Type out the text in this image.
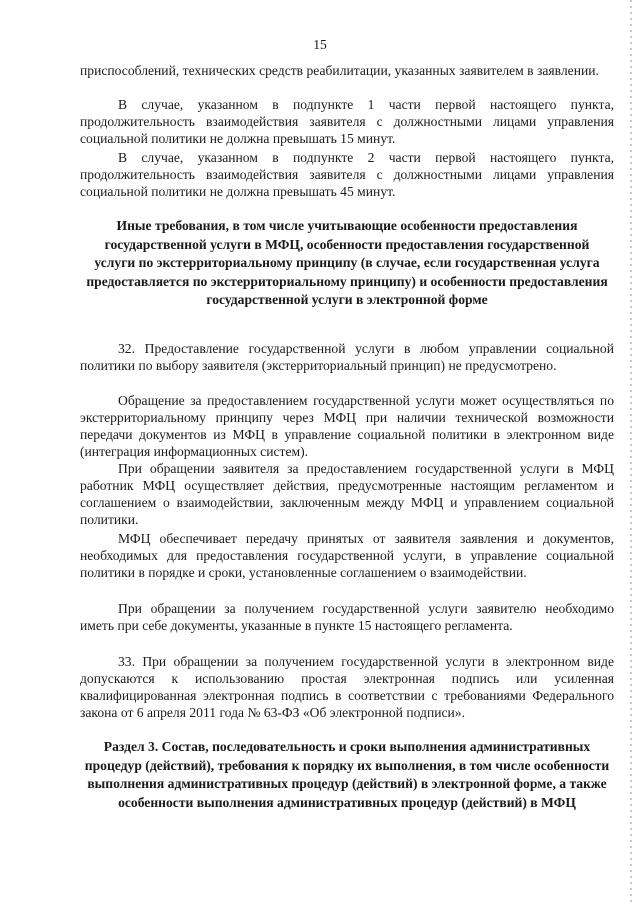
15

приспособлений, технических средств реабилитации, указанных заявителем в заявлении.

В случае, указанном в подпункте 1 части первой настоящего пункта, продолжительность взаимодействия заявителя с должностными лицами управления социальной политики не должна превышать 15 минут.

В случае, указанном в подпункте 2 части первой настоящего пункта, продолжительность взаимодействия заявителя с должностными лицами управления социальной политики не должна превышать 45 минут.

Иные требования, в том числе учитывающие особенности предоставления государственной услуги в МФЦ, особенности предоставления государственной услуги по экстерриториальному принципу (в случае, если государственная услуга предоставляется по экстерриториальному принципу) и особенности предоставления государственной услуги в электронной форме

32. Предоставление государственной услуги в любом управлении социальной политики по выбору заявителя (экстерриториальный принцип) не предусмотрено.

Обращение за предоставлением государственной услуги может осуществляться по экстерриториальному принципу через МФЦ при наличии технической возможности передачи документов из МФЦ в управление социальной политики в электронном виде (интеграция информационных систем).

При обращении заявителя за предоставлением государственной услуги в МФЦ работник МФЦ осуществляет действия, предусмотренные настоящим регламентом и соглашением о взаимодействии, заключенным между МФЦ и управлением социальной политики.

МФЦ обеспечивает передачу принятых от заявителя заявления и документов, необходимых для предоставления государственной услуги, в управление социальной политики в порядке и сроки, установленные соглашением о взаимодействии.

При обращении за получением государственной услуги заявителю необходимо иметь при себе документы, указанные в пункте 15 настоящего регламента.

33. При обращении за получением государственной услуги в электронном виде допускаются к использованию простая электронная подпись или усиленная квалифицированная электронная подпись в соответствии с требованиями Федерального закона от 6 апреля 2011 года № 63-ФЗ «Об электронной подписи».

Раздел 3. Состав, последовательность и сроки выполнения административных процедур (действий), требования к порядку их выполнения, в том числе особенности выполнения административных процедур (действий) в электронной форме, а также особенности выполнения административных процедур (действий) в МФЦ
